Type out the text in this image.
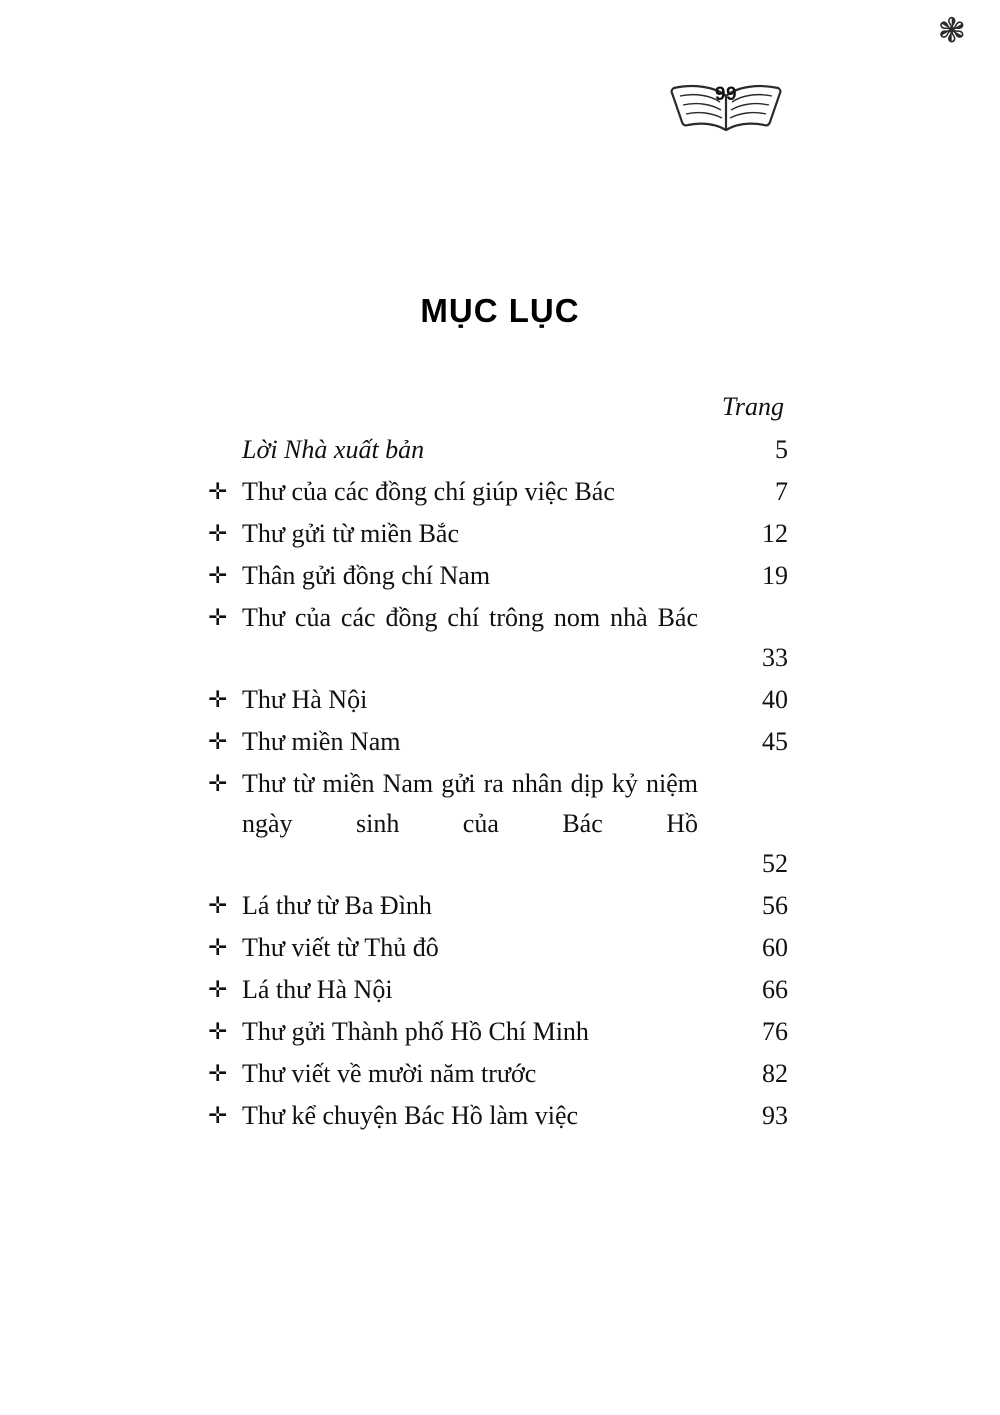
❃
99
MỤC LỤC
Trang
Lời Nhà xuất bản	5
✛ Thư của các đồng chí giúp việc Bác	7
✛ Thư gửi từ miền Bắc	12
✛ Thân gửi đồng chí Nam	19
✛ Thư của các đồng chí trông nom nhà Bác
33
✛ Thư Hà Nội	40
✛ Thư miền Nam	45
✛ Thư từ miền Nam gửi ra nhân dịp kỷ niệm ngày sinh của Bác Hồ
52
✛ Lá thư từ Ba Đình	56
✛ Thư viết từ Thủ đô	60
✛ Lá thư Hà Nội	66
✛ Thư gửi Thành phố Hồ Chí Minh	76
✛ Thư viết về mười năm trước	82
✛ Thư kể chuyện Bác Hồ làm việc	93
